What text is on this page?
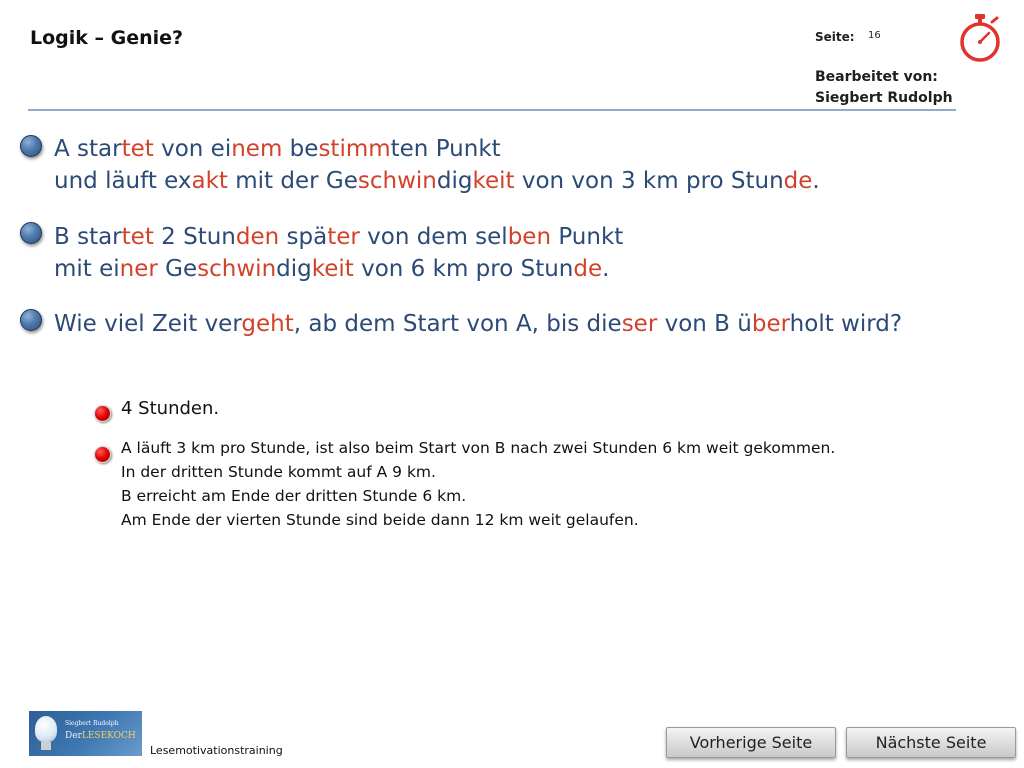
Logik – Genie?	Seite: 16
Bearbeitet von:
Siegbert Rudolph
A startet von einem bestimmten Punkt
und läuft exakt mit der Geschwindigkeit von von 3 km pro Stunde.
B startet 2 Stunden später von dem selben Punkt
mit einer Geschwindigkeit von 6 km pro Stunde.
Wie viel Zeit vergeht, ab dem Start von A, bis dieser von B überholt wird?
4 Stunden.
A läuft 3 km pro Stunde, ist also beim Start von B nach zwei Stunden 6 km weit gekommen.
In der dritten Stunde kommt auf A 9 km.
B erreicht am Ende der dritten Stunde 6 km.
Am Ende der vierten Stunde sind beide dann 12 km weit gelaufen.
Siegbert Rudolph
DerLESEKOCH
Lesemotivationstraining	Vorherige Seite	Nächste Seite
